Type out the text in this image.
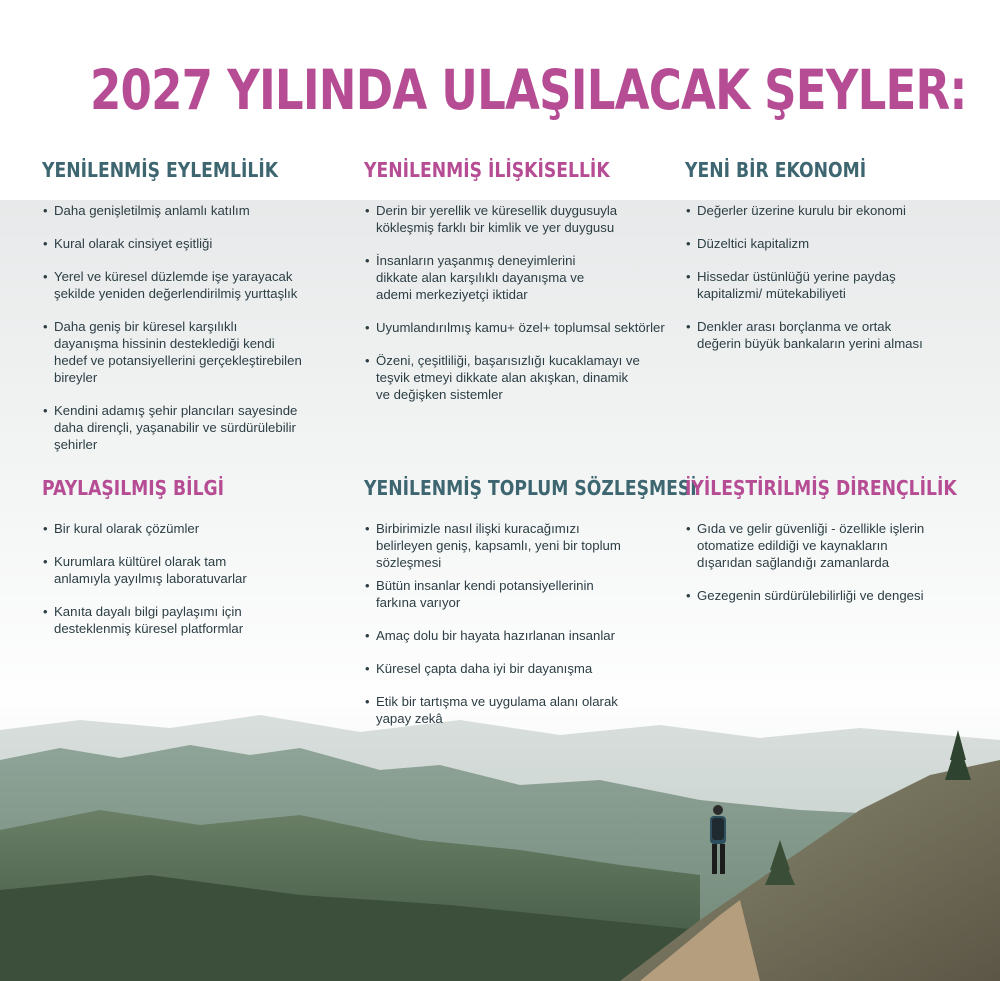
2027 YILINDA ULAŞILACAK ŞEYLER:
YENİLENMİŞ EYLEMLİLİK
• Daha genişletilmiş anlamlı katılım
• Kural olarak cinsiyet eşitliği
• Yerel ve küresel düzlemde işe yarayacak şekilde yeniden değerlendirilmiş yurttaşlık
• Daha geniş bir küresel karşılıklı dayanışma hissinin desteklediği kendi hedef ve potansiyellerini gerçekleştirebilen bireyler
• Kendini adamış şehir plancıları sayesinde daha dirençli, yaşanabilir ve sürdürülebilir şehirler
YENİLENMİŞ İLİŞKİSELLİK
• Derin bir yerellik ve küresellik duygusuyla kökleşmiş farklı bir kimlik ve yer duygusu
• İnsanların yaşanmış deneyimlerini dikkate alan karşılıklı dayanışma ve ademi merkeziyetçi iktidar
• Uyumlandırılmış kamu+ özel+ toplumsal sektörler
• Özeni, çeşitliliği, başarısızlığı kucaklamayı ve teşvik etmeyi dikkate alan akışkan, dinamik ve değişken sistemler
YENİ BİR EKONOMİ
• Değerler üzerine kurulu bir ekonomi
• Düzeltici kapitalizm
• Hissedar üstünlüğü yerine paydaş kapitalizmi/ mütekabiliyeti
• Denkler arası borçlanma ve ortak değerin büyük bankaların yerini alması
PAYLAŞILMIŞ BİLGİ
• Bir kural olarak çözümler
• Kurumlara kültürel olarak tam anlamıyla yayılmış laboratuvarlar
• Kanıta dayalı bilgi paylaşımı için desteklenmiş küresel platformlar
YENİLENMİŞ TOPLUM SÖZLEŞMESİ
• Birbirimizle nasıl ilişki kuracağımızı belirleyen geniş, kapsamlı, yeni bir toplum sözleşmesi
• Bütün insanlar kendi potansiyellerinin farkına varıyor
• Amaç dolu bir hayata hazırlanan insanlar
• Küresel çapta daha iyi bir dayanışma
• Etik bir tartışma ve uygulama alanı olarak yapay zekâ
İYİLEŞTİRİLMİŞ DİRENÇLİLİK
• Gıda ve gelir güvenliği - özellikle işlerin otomatize edildiği ve kaynakların dışarıdan sağlandığı zamanlarda
• Gezegenin sürdürülebilirliği ve dengesi
